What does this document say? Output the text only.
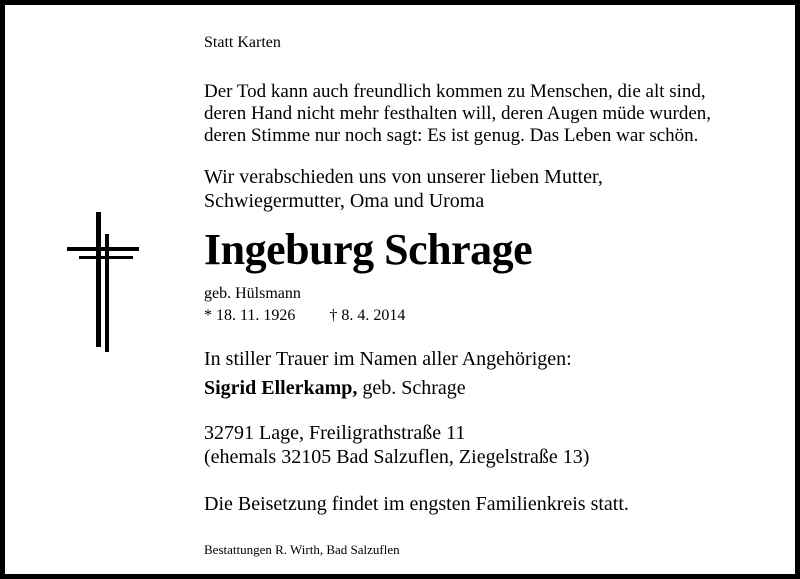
Statt Karten

Der Tod kann auch freundlich kommen zu Menschen, die alt sind,
deren Hand nicht mehr festhalten will, deren Augen müde wurden,
deren Stimme nur noch sagt: Es ist genug. Das Leben war schön.
Wir verabschieden uns von unserer lieben Mutter,
Schwiegermutter, Oma und Uroma

Ingeburg Schrage

geb. Hülsmann

* 18. 11. 1926 † 8. 4. 2014

In stiller Trauer im Namen aller Angehörigen:

Sigrid Ellerkamp, geb. Schrage

32791 Lage, Freiligrathstraße 11
(ehemals 32105 Bad Salzuflen, Ziegelstraße 13)

Die Beisetzung findet im engsten Familienkreis statt.

Bestattungen R. Wirth, Bad Salzuflen
